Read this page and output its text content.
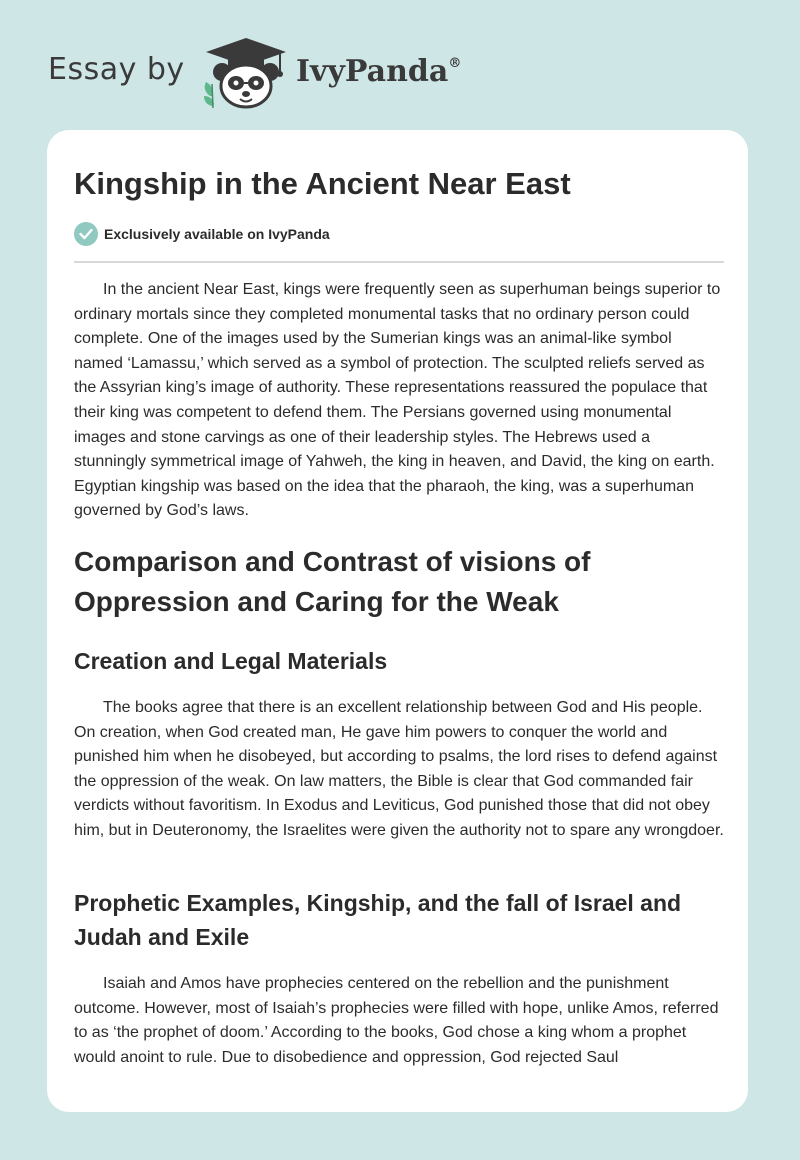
Essay by	IvyPanda®
Kingship in the Ancient Near East
Exclusively available on IvyPanda

In the ancient Near East, kings were frequently seen as superhuman beings superior to ordinary mortals since they completed monumental tasks that no ordinary person could complete. One of the images used by the Sumerian kings was an animal-like symbol named ‘Lamassu,’ which served as a symbol of protection. The sculpted reliefs served as the Assyrian king’s image of authority. These representations reassured the populace that their king was competent to defend them. The Persians governed using monumental images and stone carvings as one of their leadership styles. The Hebrews used a stunningly symmetrical image of Yahweh, the king in heaven, and David, the king on earth. Egyptian kingship was based on the idea that the pharaoh, the king, was a superhuman governed by God’s laws.

Comparison and Contrast of visions of Oppression and Caring for the Weak
Creation and Legal Materials

The books agree that there is an excellent relationship between God and His people. On creation, when God created man, He gave him powers to conquer the world and punished him when he disobeyed, but according to psalms, the lord rises to defend against the oppression of the weak. On law matters, the Bible is clear that God commanded fair verdicts without favoritism. In Exodus and Leviticus, God punished those that did not obey him, but in Deuteronomy, the Israelites were given the authority not to spare any wrongdoer.

Prophetic Examples, Kingship, and the fall of Israel and Judah and Exile

Isaiah and Amos have prophecies centered on the rebellion and the punishment outcome. However, most of Isaiah’s prophecies were filled with hope, unlike Amos, referred to as ‘the prophet of doom.’ According to the books, God chose a king whom a prophet would anoint to rule. Due to disobedience and oppression, God rejected Saul
